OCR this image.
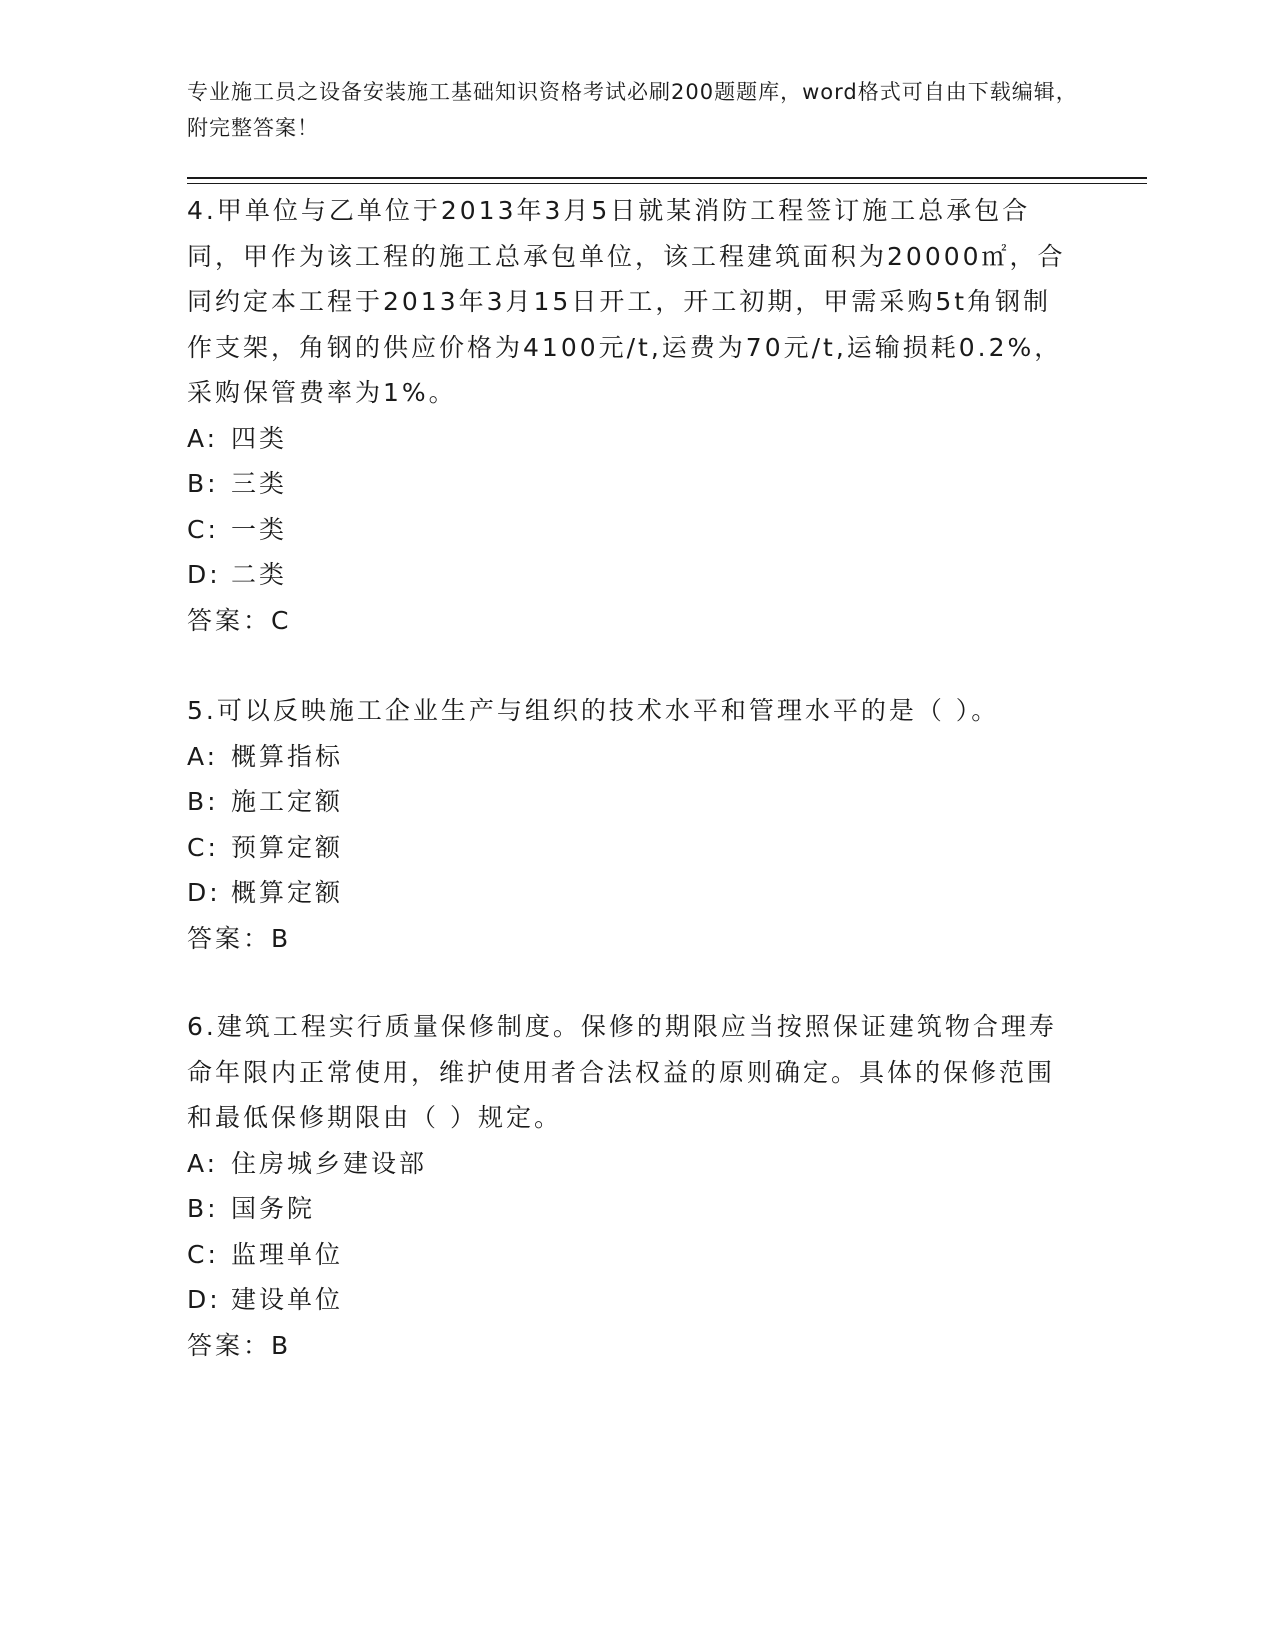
专业施工员之设备安装施工基础知识资格考试必刷200题题库，word格式可自由下载编辑，附完整答案！

4.甲单位与乙单位于2013年3月5日就某消防工程签订施工总承包合同，甲作为该工程的施工总承包单位，该工程建筑面积为20000㎡，合同约定本工程于2013年3月15日开工，开工初期，甲需采购5t角钢制作支架，角钢的供应价格为4100元/t,运费为70元/t,运输损耗0.2%，采购保管费率为1%。

A: 四类

B: 三类

C: 一类

D: 二类

答案：C

5.可以反映施工企业生产与组织的技术水平和管理水平的是（ ）。

A: 概算指标

B: 施工定额

C: 预算定额

D: 概算定额

答案：B

6.建筑工程实行质量保修制度。保修的期限应当按照保证建筑物合理寿命年限内正常使用，维护使用者合法权益的原则确定。具体的保修范围和最低保修期限由（ ）规定。

A: 住房城乡建设部

B: 国务院

C: 监理单位

D: 建设单位

答案：B
